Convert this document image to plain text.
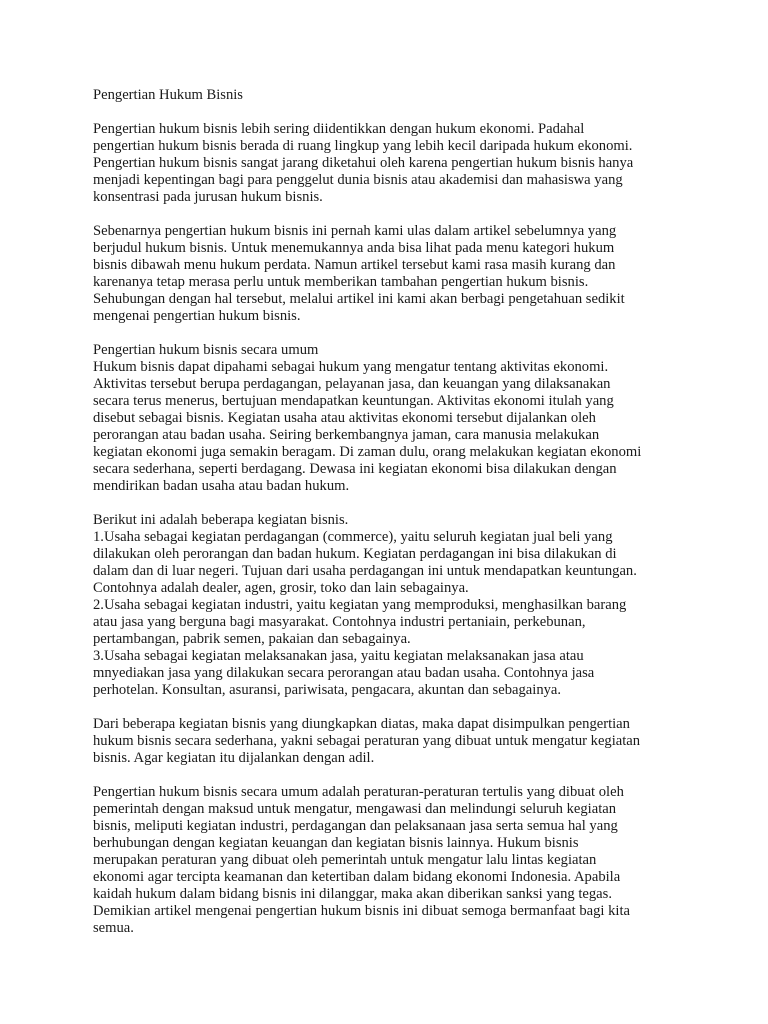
Pengertian Hukum Bisnis
Pengertian hukum bisnis lebih sering diidentikkan dengan hukum ekonomi. Padahal
pengertian hukum bisnis berada di ruang lingkup yang lebih kecil daripada hukum ekonomi.
Pengertian hukum bisnis sangat jarang diketahui oleh karena pengertian hukum bisnis hanya
menjadi kepentingan bagi para penggelut dunia bisnis atau akademisi dan mahasiswa yang
konsentrasi pada jurusan hukum bisnis.
Sebenarnya pengertian hukum bisnis ini pernah kami ulas dalam artikel sebelumnya yang
berjudul hukum bisnis. Untuk menemukannya anda bisa lihat pada menu kategori hukum
bisnis dibawah menu hukum perdata. Namun artikel tersebut kami rasa masih kurang dan
karenanya tetap merasa perlu untuk memberikan tambahan pengertian hukum bisnis.
Sehubungan dengan hal tersebut, melalui artikel ini kami akan berbagi pengetahuan sedikit
mengenai pengertian hukum bisnis.
Pengertian hukum bisnis secara umum
Hukum bisnis dapat dipahami sebagai hukum yang mengatur tentang aktivitas ekonomi.
Aktivitas tersebut berupa perdagangan, pelayanan jasa, dan keuangan yang dilaksanakan
secara terus menerus, bertujuan mendapatkan keuntungan. Aktivitas ekonomi itulah yang
disebut sebagai bisnis. Kegiatan usaha atau aktivitas ekonomi tersebut dijalankan oleh
perorangan atau badan usaha. Seiring berkembangnya jaman, cara manusia melakukan
kegiatan ekonomi juga semakin beragam. Di zaman dulu, orang melakukan kegiatan ekonomi
secara sederhana, seperti berdagang. Dewasa ini kegiatan ekonomi bisa dilakukan dengan
mendirikan badan usaha atau badan hukum.
Berikut ini adalah beberapa kegiatan bisnis.
1.Usaha sebagai kegiatan perdagangan (commerce), yaitu seluruh kegiatan jual beli yang
dilakukan oleh perorangan dan badan hukum. Kegiatan perdagangan ini bisa dilakukan di
dalam dan di luar negeri. Tujuan dari usaha perdagangan ini untuk mendapatkan keuntungan.
Contohnya adalah dealer, agen, grosir, toko dan lain sebagainya.
2.Usaha sebagai kegiatan industri, yaitu kegiatan yang memproduksi, menghasilkan barang
atau jasa yang berguna bagi masyarakat. Contohnya industri pertaniain, perkebunan,
pertambangan, pabrik semen, pakaian dan sebagainya.
3.Usaha sebagai kegiatan melaksanakan jasa, yaitu kegiatan melaksanakan jasa atau
mnyediakan jasa yang dilakukan secara perorangan atau badan usaha. Contohnya jasa
perhotelan. Konsultan, asuransi, pariwisata, pengacara, akuntan dan sebagainya.
Dari beberapa kegiatan bisnis yang diungkapkan diatas, maka dapat disimpulkan pengertian
hukum bisnis secara sederhana, yakni sebagai peraturan yang dibuat untuk mengatur kegiatan
bisnis. Agar kegiatan itu dijalankan dengan adil.
Pengertian hukum bisnis secara umum adalah peraturan-peraturan tertulis yang dibuat oleh
pemerintah dengan maksud untuk mengatur, mengawasi dan melindungi seluruh kegiatan
bisnis, meliputi kegiatan industri, perdagangan dan pelaksanaan jasa serta semua hal yang
berhubungan dengan kegiatan keuangan dan kegiatan bisnis lainnya. Hukum bisnis
merupakan peraturan yang dibuat oleh pemerintah untuk mengatur lalu lintas kegiatan
ekonomi agar tercipta keamanan dan ketertiban dalam bidang ekonomi Indonesia. Apabila
kaidah hukum dalam bidang bisnis ini dilanggar, maka akan diberikan sanksi yang tegas.
Demikian artikel mengenai pengertian hukum bisnis ini dibuat semoga bermanfaat bagi kita
semua.
